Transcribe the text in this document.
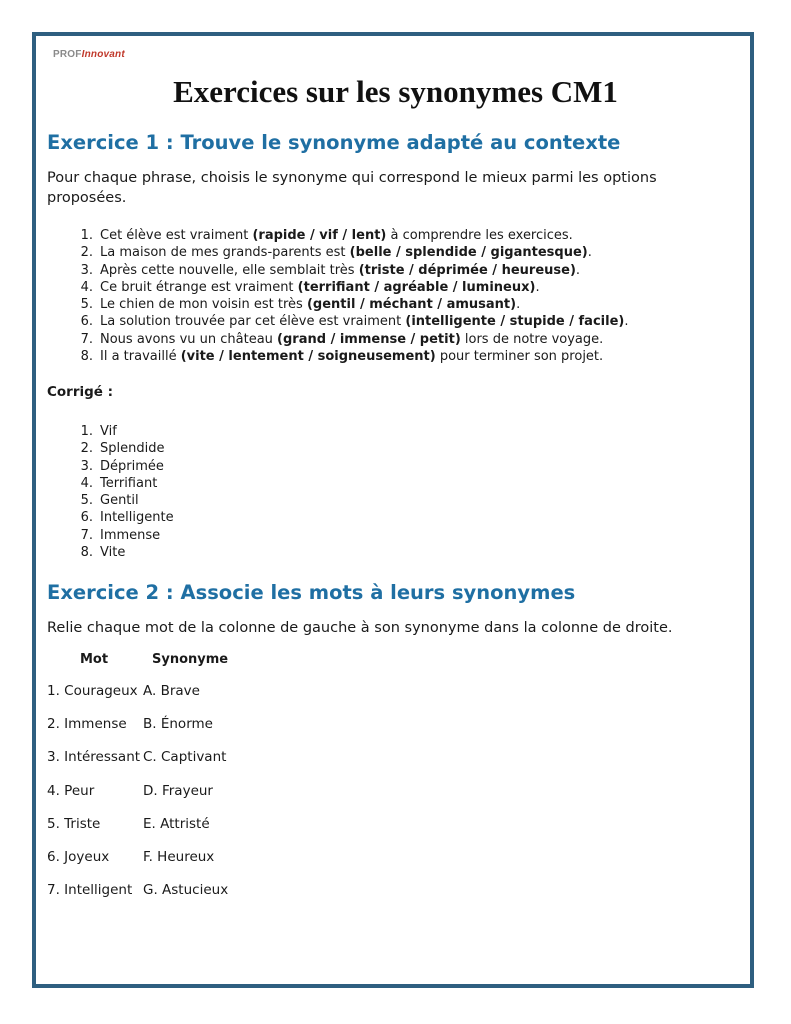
PROFInnovant
Exercices sur les synonymes CM1
Exercice 1 : Trouve le synonyme adapté au contexte

Pour chaque phrase, choisis le synonyme qui correspond le mieux parmi les options proposées.

1. Cet élève est vraiment (rapide / vif / lent) à comprendre les exercices.
2. La maison de mes grands-parents est (belle / splendide / gigantesque).
3. Après cette nouvelle, elle semblait très (triste / déprimée / heureuse).
4. Ce bruit étrange est vraiment (terrifiant / agréable / lumineux).
5. Le chien de mon voisin est très (gentil / méchant / amusant).
6. La solution trouvée par cet élève est vraiment (intelligente / stupide / facile).
7. Nous avons vu un château (grand / immense / petit) lors de notre voyage.
8. Il a travaillé (vite / lentement / soigneusement) pour terminer son projet.
Corrigé :
1. Vif
2. Splendide
3. Déprimée
4. Terrifiant
5. Gentil
6. Intelligente
7. Immense
8. Vite
Exercice 2 : Associe les mots à leurs synonymes

Relie chaque mot de la colonne de gauche à son synonyme dans la colonne de droite.

Mot	Synonyme
1. Courageux A. Brave
2. Immense B. Énorme
3. Intéressant C. Captivant
4. Peur	D. Frayeur
5. Triste	E. Attristé
6. Joyeux F. Heureux
7. Intelligent G. Astucieux
